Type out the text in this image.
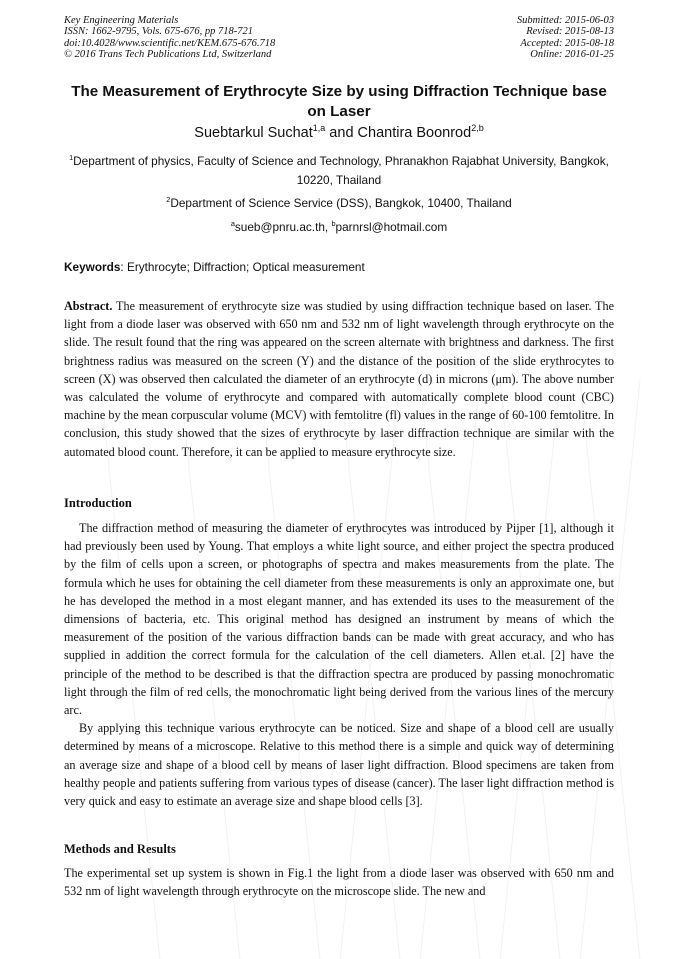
Key Engineering Materials
ISSN: 1662-9795, Vols. 675-676, pp 718-721
doi:10.4028/www.scientific.net/KEM.675-676.718
© 2016 Trans Tech Publications Ltd, Switzerland
Submitted: 2015-06-03
Revised: 2015-08-13
Accepted: 2015-08-18
Online: 2016-01-25
The Measurement of Erythrocyte Size by using Diffraction Technique base on Laser
Suebtarkul Suchat$^{1,a}$ and Chantira Boonrod$^{2,b}$
$^1$Department of physics, Faculty of Science and Technology, Phranakhon Rajabhat University, Bangkok, 10220, Thailand
$^2$Department of Science Service (DSS), Bangkok, 10400, Thailand
$^a$sueb@pnru.ac.th, $^b$parnrsl@hotmail.com
Keywords: Erythrocyte; Diffraction; Optical measurement

Abstract. The measurement of erythrocyte size was studied by using diffraction technique based on laser. The light from a diode laser was observed with 650 nm and 532 nm of light wavelength through erythrocyte on the slide. The result found that the ring was appeared on the screen alternate with brightness and darkness. The first brightness radius was measured on the screen (Y) and the distance of the position of the slide erythrocytes to screen (X) was observed then calculated the diameter of an erythrocyte (d) in microns (μm). The above number was calculated the volume of erythrocyte and compared with automatically complete blood count (CBC) machine by the mean corpuscular volume (MCV) with femtolitre (fl) values in the range of 60-100 femtolitre. In conclusion, this study showed that the sizes of erythrocyte by laser diffraction technique are similar with the automated blood count. Therefore, it can be applied to measure erythrocyte size.

Introduction

The diffraction method of measuring the diameter of erythrocytes was introduced by Pijper [1], although it had previously been used by Young. That employs a white light source, and either project the spectra produced by the film of cells upon a screen, or photographs of spectra and makes measurements from the plate. The formula which he uses for obtaining the cell diameter from these measurements is only an approximate one, but he has developed the method in a most elegant manner, and has extended its uses to the measurement of the dimensions of bacteria, etc. This original method has designed an instrument by means of which the measurement of the position of the various diffraction bands can be made with great accuracy, and who has supplied in addition the correct formula for the calculation of the cell diameters. Allen et.al. [2] have the principle of the method to be described is that the diffraction spectra are produced by passing monochromatic light through the film of red cells, the monochromatic light being derived from the various lines of the mercury arc.

By applying this technique various erythrocyte can be noticed. Size and shape of a blood cell are usually determined by means of a microscope. Relative to this method there is a simple and quick way of determining an average size and shape of a blood cell by means of laser light diffraction. Blood specimens are taken from healthy people and patients suffering from various types of disease (cancer). The laser light diffraction method is very quick and easy to estimate an average size and shape blood cells [3].

Methods and Results

The experimental set up system is shown in Fig.1 the light from a diode laser was observed with 650 nm and 532 nm of light wavelength through erythrocyte on the microscope slide. The new and
